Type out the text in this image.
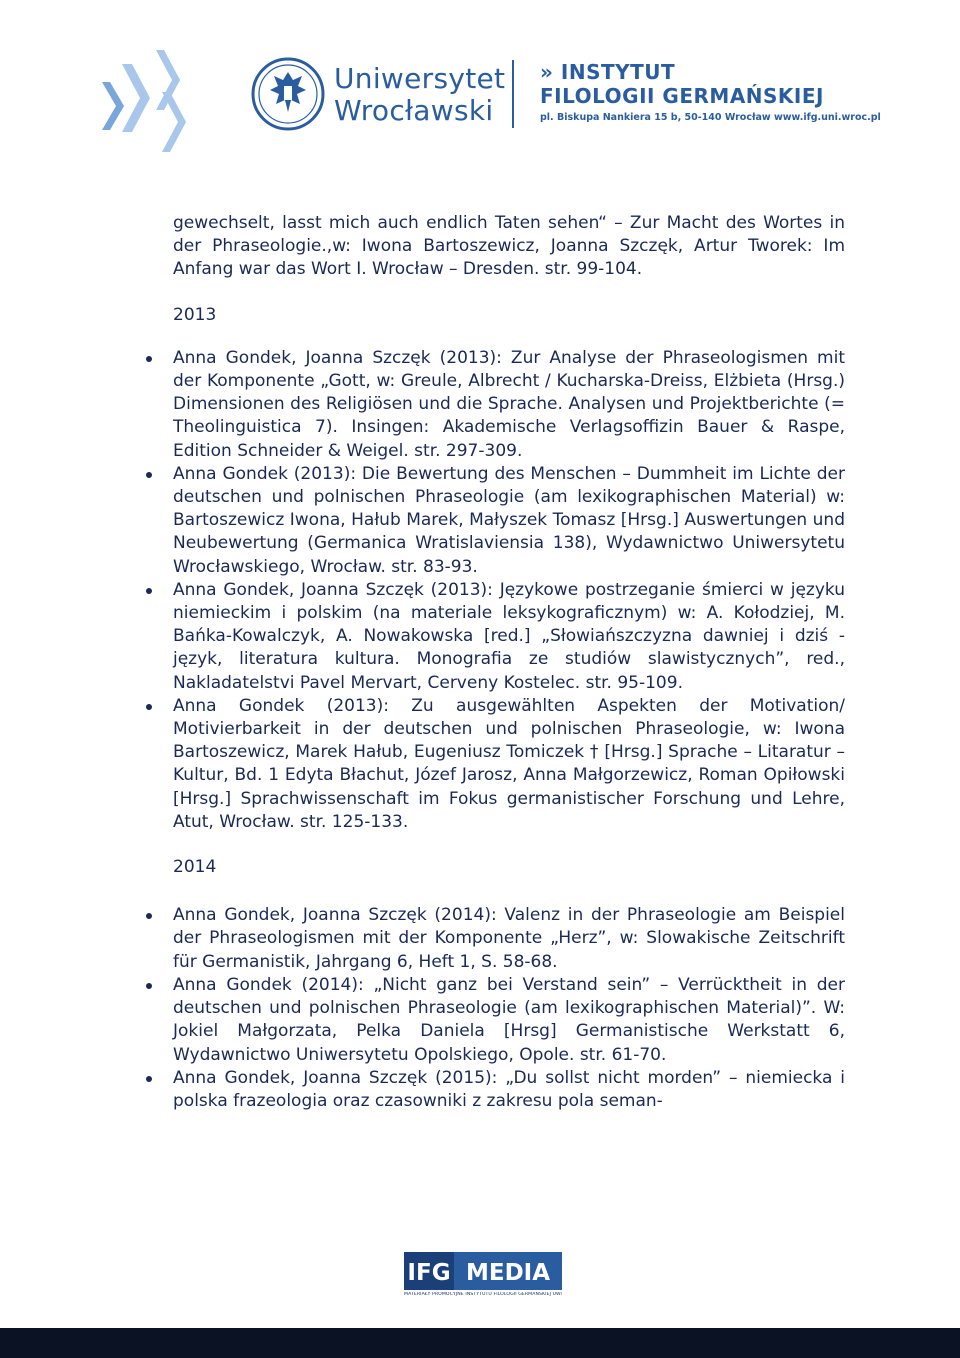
Uniwersytet
Wrocławski
» INSTYTUT
FILOLOGII GERMAŃSKIEJ
pl. Biskupa Nankiera 15 b, 50-140 Wrocław www.ifg.uni.wroc.pl

gewechselt, lasst mich auch endlich Taten sehen“ – Zur Macht des Wortes in der Phraseologie.,w: Iwona Bartoszewicz, Joanna Szczęk, Artur Tworek: Im Anfang war das Wort I. Wrocław – Dresden. str. 99-104.

2013

Anna Gondek, Joanna Szczęk (2013): Zur Analyse der Phraseologismen mit der Komponente „Gott, w: Greule, Albrecht / Kucharska-Dreiss, Elżbieta (Hrsg.) Dimensionen des Religiösen und die Sprache. Analysen und Projektberichte (= Theolinguistica 7). Insingen: Akademische Verlagsoffizin Bauer & Raspe, Edition Schneider & Weigel. str. 297-309.
Anna Gondek (2013): Die Bewertung des Menschen – Dummheit im Lichte der deutschen und polnischen Phraseologie (am lexikographischen Material) w: Bartoszewicz Iwona, Hałub Marek, Małyszek Tomasz [Hrsg.] Auswertungen und Neubewertung (Germanica Wratislaviensia 138), Wydawnictwo Uniwersytetu Wrocławskiego, Wrocław. str. 83-93.
Anna Gondek, Joanna Szczęk (2013): Językowe postrzeganie śmierci w języku niemieckim i polskim (na materiale leksykograficznym) w: A. Kołodziej, M. Bańka-Kowalczyk, A. Nowakowska [red.] „Słowiańszczyzna dawniej i dziś - język, literatura kultura. Monografia ze studiów slawistycznych”, red., Nakladatelstvi Pavel Mervart, Cerveny Kostelec. str. 95-109.
Anna Gondek (2013): Zu ausgewählten Aspekten der Motivation/ Motivierbarkeit in der deutschen und polnischen Phraseologie, w: Iwona Bartoszewicz, Marek Hałub, Eugeniusz Tomiczek † [Hrsg.] Sprache – Litaratur – Kultur, Bd. 1 Edyta Błachut, Józef Jarosz, Anna Małgorzewicz, Roman Opiłowski [Hrsg.] Sprachwissenschaft im Fokus germanistischer Forschung und Lehre, Atut, Wrocław. str. 125-133.

2014

Anna Gondek, Joanna Szczęk (2014): Valenz in der Phraseologie am Beispiel der Phraseologismen mit der Komponente „Herz”, w: Slowakische Zeitschrift für Germanistik, Jahrgang 6, Heft 1, S. 58-68.
Anna Gondek (2014): „Nicht ganz bei Verstand sein” – Verrücktheit in der deutschen und polnischen Phraseologie (am lexikographischen Material)”. W: Jokiel Małgorzata, Pelka Daniela [Hrsg] Germanistische Werkstatt 6, Wydawnictwo Uniwersytetu Opolskiego, Opole. str. 61-70.
Anna Gondek, Joanna Szczęk (2015): „Du sollst nicht morden” – niemiecka i polska frazeologia oraz czasowniki z zakresu pola seman-
IFG MEDIA
MATERIAŁY PROMOCYJNE INSTYTUTU FILOLOGII GERMAŃSKIEJ UWr
